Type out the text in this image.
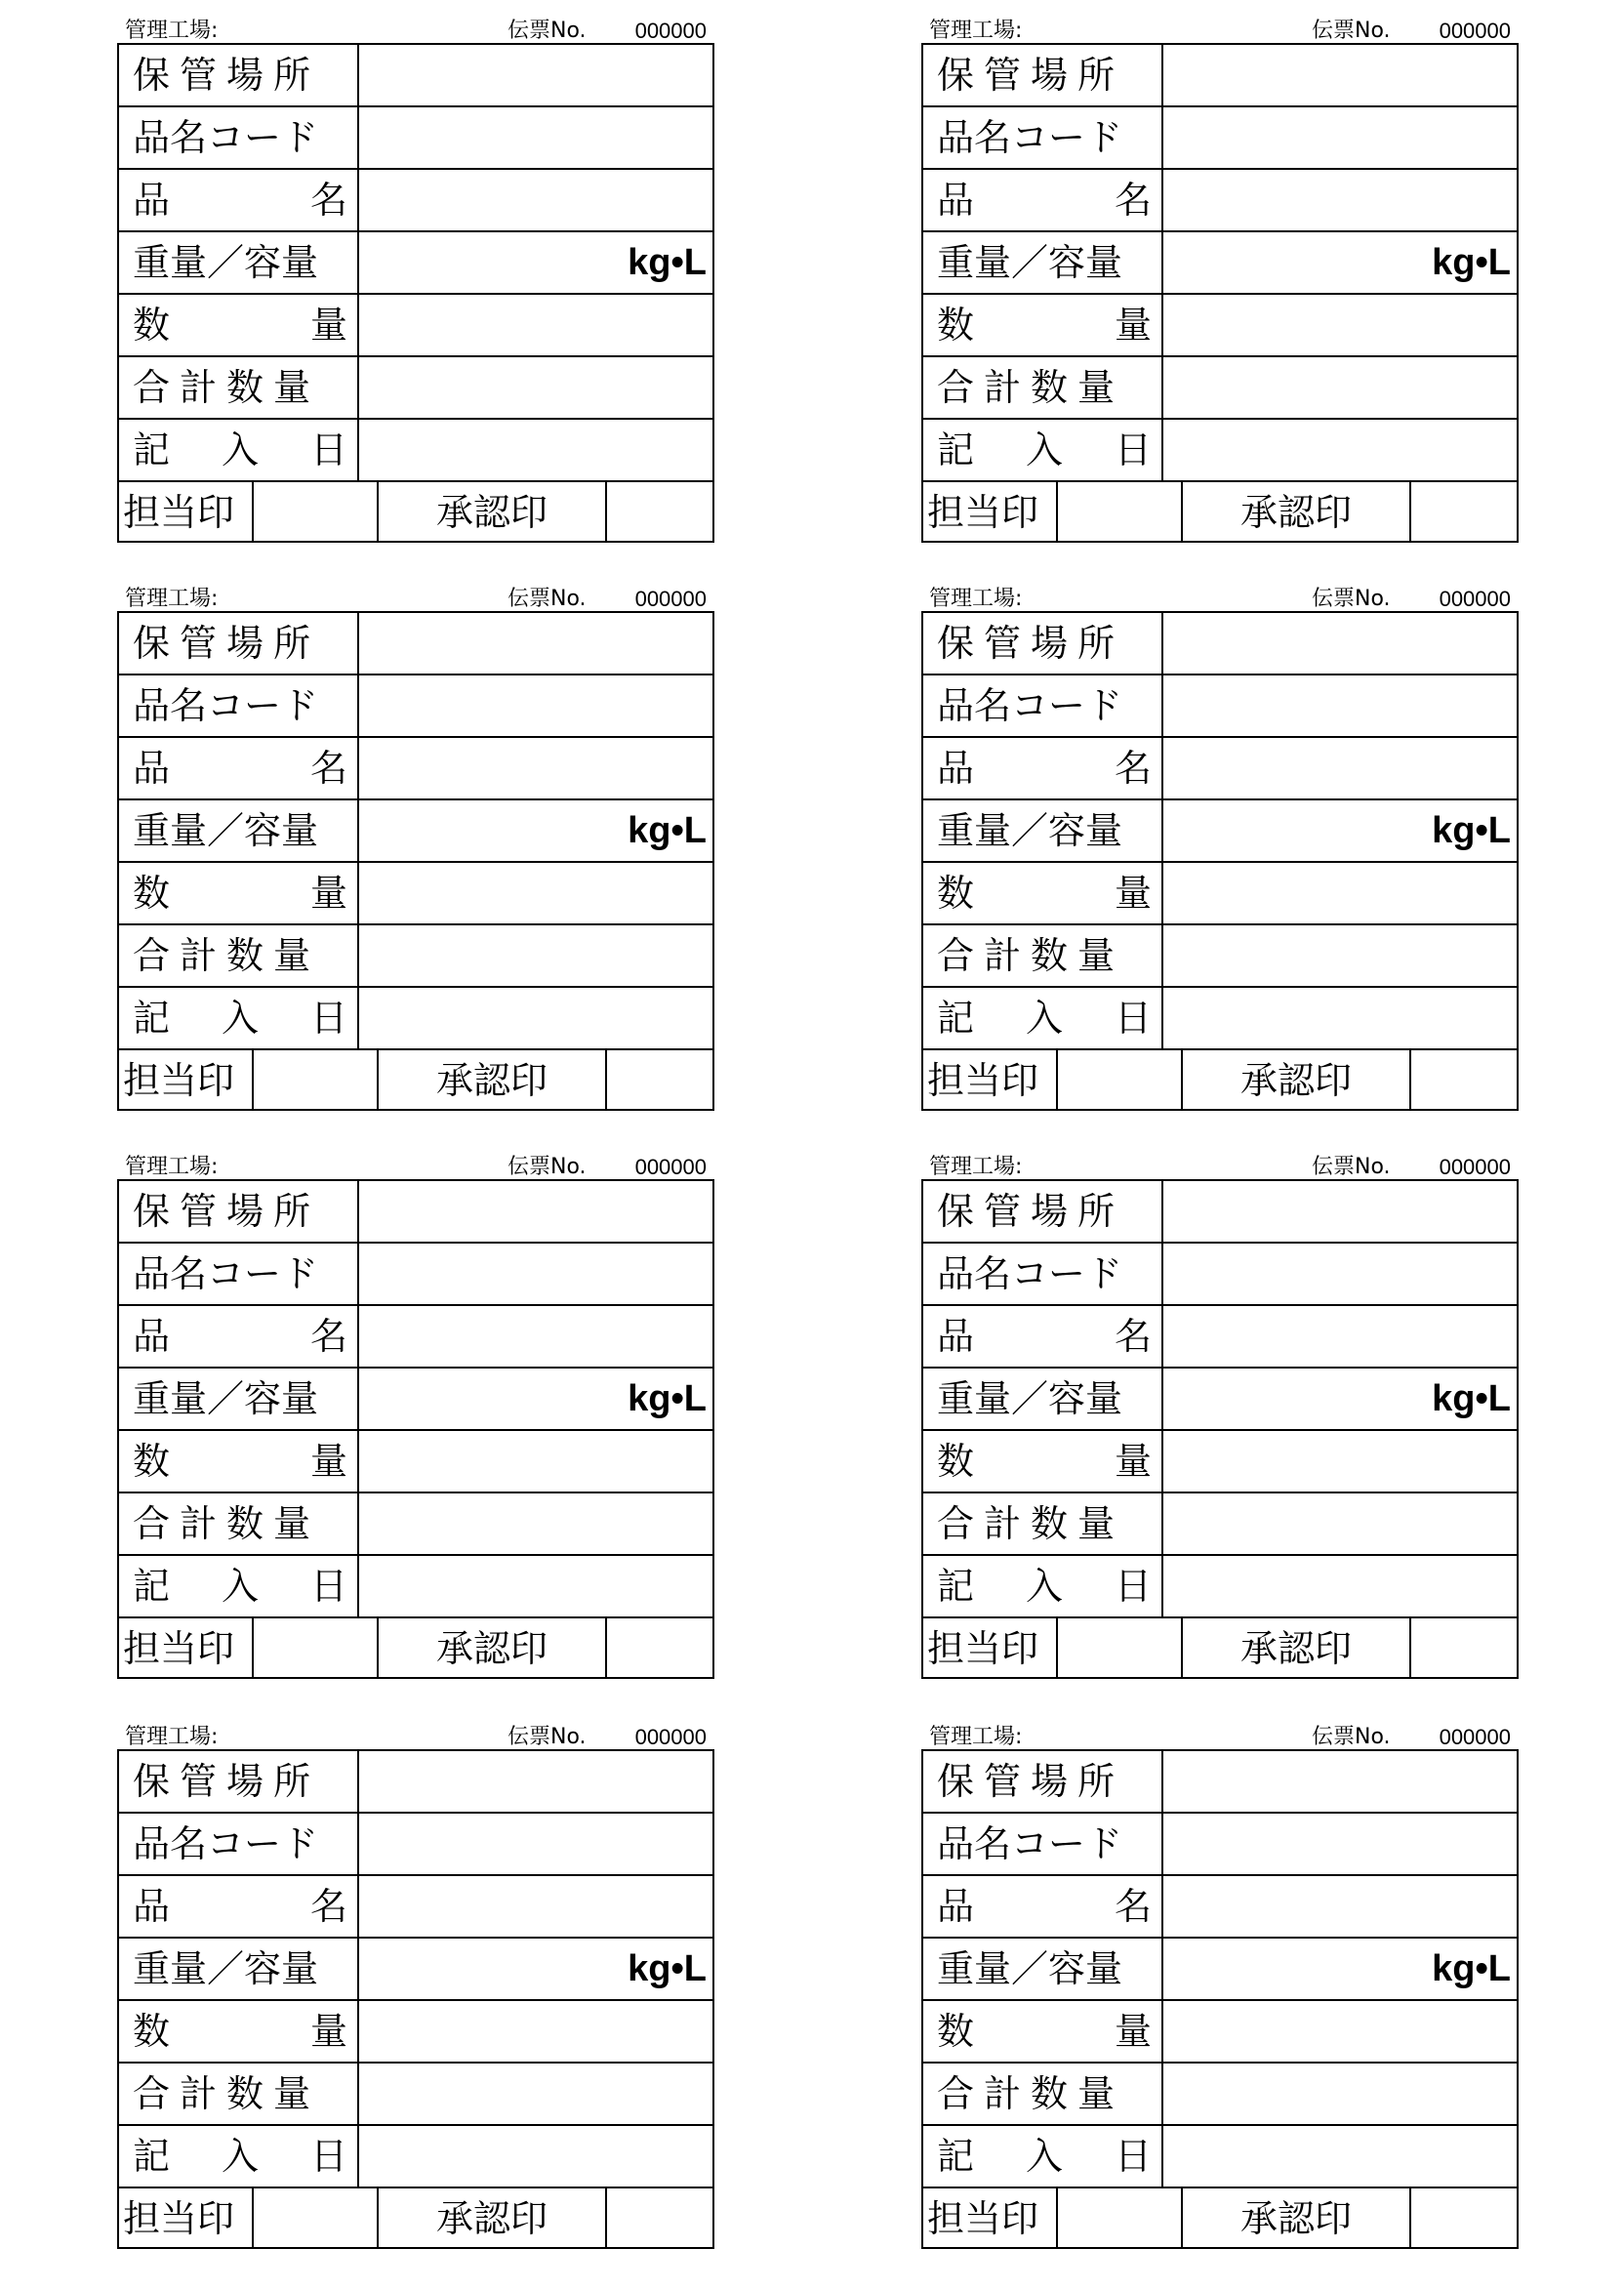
管理工場:	伝票No. 000000
保管場所
品名コード
品	名
重量／容量	kg•L
数	量
合計数量
記 入 日
担当印	承認印
管理工場:	伝票No. 000000
保管場所
品名コード
品	名
重量／容量	kg•L
数	量
合計数量
記 入 日
担当印	承認印
管理工場:	伝票No. 000000
保管場所
品名コード
品	名
重量／容量	kg•L
数	量
合計数量
記 入 日
担当印	承認印
管理工場:	伝票No. 000000
保管場所
品名コード
品	名
重量／容量	kg•L
数	量
合計数量
記 入 日
担当印	承認印
管理工場:	伝票No. 000000
保管場所
品名コード
品	名
重量／容量	kg•L
数	量
合計数量
記 入 日
担当印	承認印
管理工場:	伝票No. 000000
保管場所
品名コード
品	名
重量／容量	kg•L
数	量
合計数量
記 入 日
担当印	承認印
管理工場:	伝票No. 000000
保管場所
品名コード
品	名
重量／容量	kg•L
数	量
合計数量
記 入 日
担当印	承認印
管理工場:	伝票No. 000000
保管場所
品名コード
品	名
重量／容量	kg•L
数	量
合計数量
記 入 日
担当印	承認印
